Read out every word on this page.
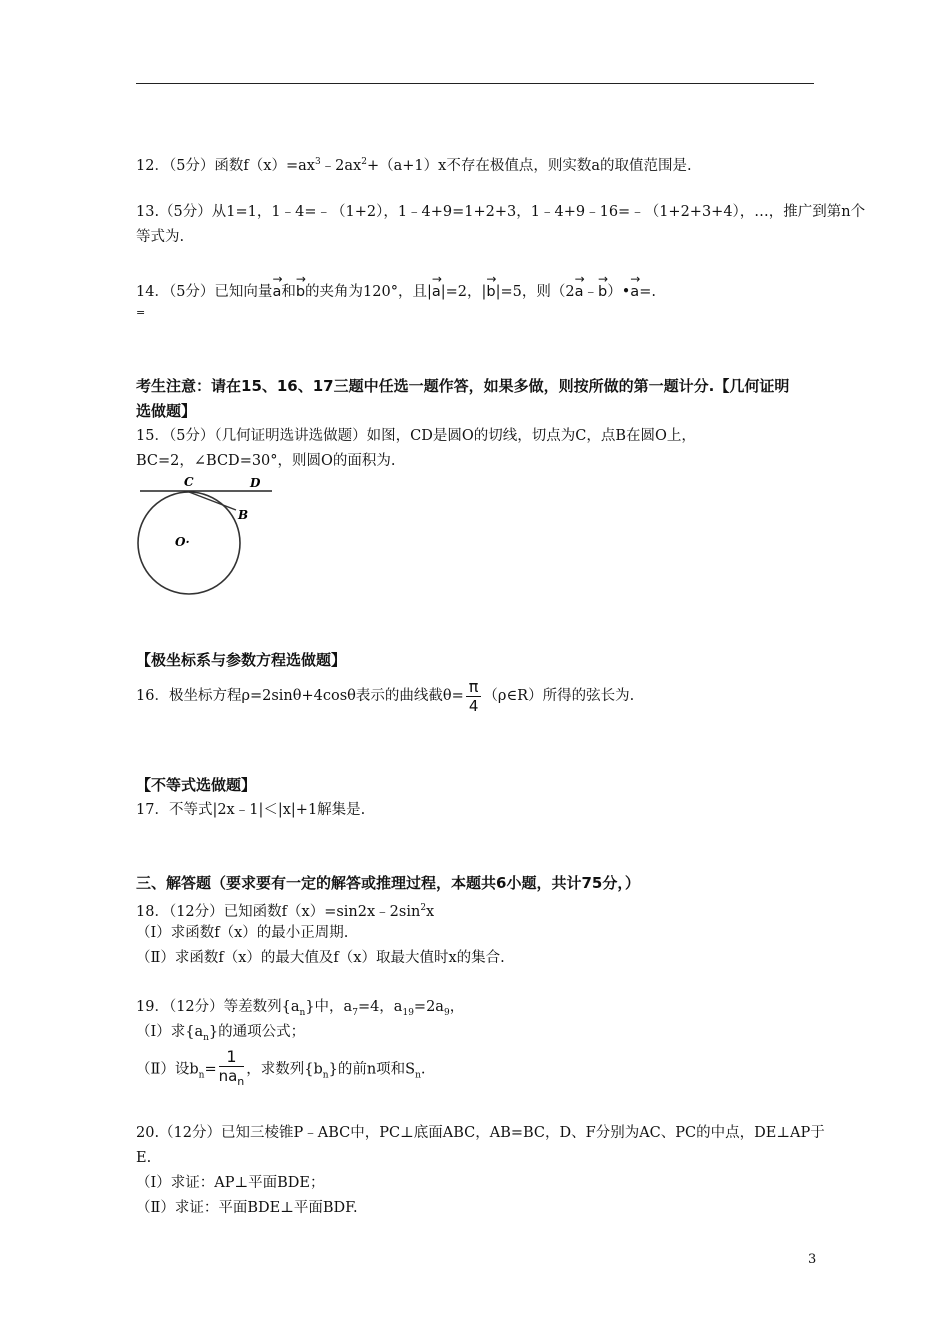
12．（5分）函数$f(x)=ax^3﹣2ax^2+(a+1)x$不存在极值点，则实数a的取值范围是.
13.（5分）从1=1，1﹣4=﹣（1+2），1﹣4+9=1+2+3，1﹣4+9﹣16=﹣（1+2+3+4），…，推广到第n个
等式为.
14．（5分）已知向量→ a和→ b的夹角为120°，且|→ a|=2，|→ b|=5，则（2→ a﹣→ b）•→ a=.
=
考生注意：请在15、16、17三题中任选一题作答，如果多做，则按所做的第一题计分.【几何证明
选做题】
15．（5分）（几何证明选讲选做题）如图，CD是圆O的切线，切点为C，点B在圆O上，
BC=2，∠BCD=30°，则圆O的面积为.
C	D
B
O·
【极坐标系与参数方程选做题】
16．极坐标方程ρ=2sinθ+4cosθ表示的曲线截$\theta= \frac{\pi}{4}$ （ρ∈R）所得的弦长为.
【不等式选做题】
17．不等式|2x﹣1|＜|x|+1解集是.
三、解答题（要求要有一定的解答或推理过程，本题共6小题，共计75分，）
18．（12分）已知函数$f(x)=\sin 2x﹣2\sin^2x$
（Ⅰ）求函数f（x）的最小正周期.
（Ⅱ）求函数f（x）的最大值及f（x）取最大值时x的集合.
19．（12分）等差数列$\{a_n\}$中，$a_7=4$，$a_{19}=2a_9$，
（Ⅰ）求$\{a_n\}$的通项公式；
（Ⅱ）设$b_n= \frac{1}{na_n}$ ，求数列$\{b_n\}$的前n项和$S_n$.
20.（12分）已知三棱锥P﹣ABC中，PC⊥底面ABC，AB=BC，D、F分别为AC、PC的中点，DE⊥AP于
E.
（Ⅰ）求证：AP⊥平面BDE；
（Ⅱ）求证：平面BDE⊥平面BDF.
3
